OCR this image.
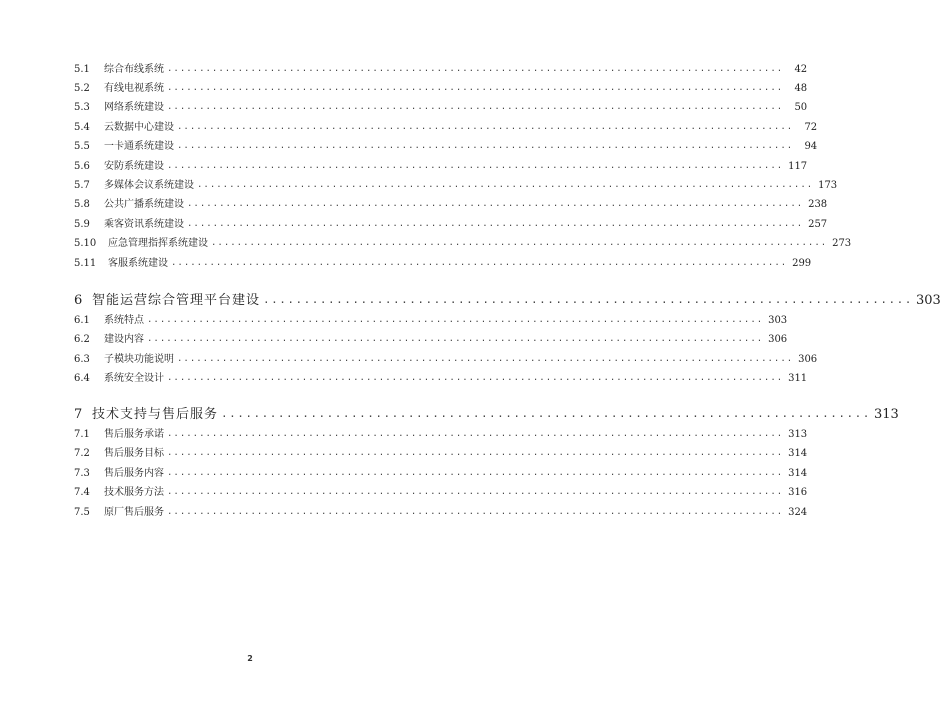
5.1	综合布线系统 ................................................................................................	42
5.2	有线电视系统 ................................................................................................	48
5.3	网络系统建设 ................................................................................................	50
5.4	云数据中心建设 ................................................................................................	72
5.5	一卡通系统建设 ................................................................................................	94
5.6	安防系统建设 ................................................................................................ 117
5.7	多媒体会议系统建设 ................................................................................................ 173
5.8	公共广播系统建设 ................................................................................................ 238
5.9	乘客资讯系统建设 ................................................................................................ 257
5.10	应急管理指挥系统建设 ................................................................................................ 273
5.11	客服系统建设 ................................................................................................ 299
6 智能运营综合管理平台建设 ................................................................................ 303
6.1	系统特点 ................................................................................................ 303
6.2	建设内容 ................................................................................................ 306
6.3	子模块功能说明 ................................................................................................ 306
6.4	系统安全设计 ................................................................................................ 311
7 技术支持与售后服务 ................................................................................ 313
7.1	售后服务承诺 ................................................................................................ 313
7.2	售后服务目标 ................................................................................................ 314
7.3	售后服务内容 ................................................................................................ 314
7.4	技术服务方法 ................................................................................................ 316
7.5	原厂售后服务 ................................................................................................ 324
2
